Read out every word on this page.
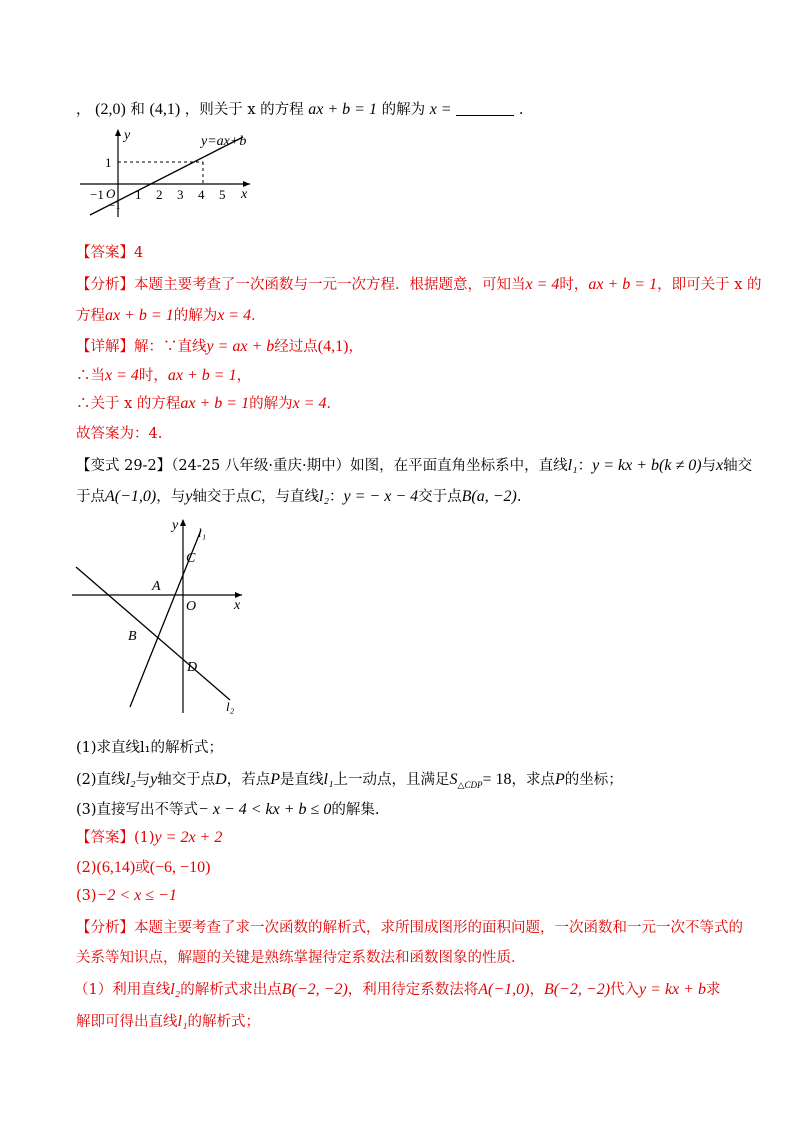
， (2,0) 和 (4,1) ，则关于 x 的方程 ax + b = 1 的解为 x =	.
y
x
y=ax+b
1
O
−1 1 2 3 4 5
−1
【答案】4
【分析】本题主要考查了一次函数与一元一次方程．根据题意，可知当x = 4时，ax + b = 1，即可关于 x 的
方程ax + b = 1的解为x = 4．
【详解】解：∵直线y = ax + b经过点(4,1)，
∴当x = 4时，ax + b = 1，
∴关于 x 的方程ax + b = 1的解为x = 4．
故答案为：4.
【变式 29-2】（24-25 八年级·重庆·期中）如图，在平面直角坐标系中，直线l₁：y = kx + b(k ≠ 0)与x轴交
于点A(−1,0)，与y轴交于点C，与直线l₂：y = − x − 4交于点B(a, −2).
y
x
l₁
l₂
C
A
O
B
D
(1)求直线l₁的解析式；
(2)直线l₂与y轴交于点D，若点P是直线l₁上一动点，且满足$S_{\triangle CDP}= 18$，求点P的坐标；
(3)直接写出不等式− x − 4 < kx + b ≤ 0的解集.
【答案】(1)y = 2x + 2
(2)(6,14)或(−6, −10)
(3)−2 < x ≤ −1
【分析】本题主要考查了求一次函数的解析式，求所围成图形的面积问题，一次函数和一元一次不等式的
关系等知识点，解题的关键是熟练掌握待定系数法和函数图象的性质．
（1）利用直线l₂的解析式求出点B(−2, −2)，利用待定系数法将A(−1,0)，B(−2, −2)代入y = kx + b求
解即可得出直线l₁的解析式；
